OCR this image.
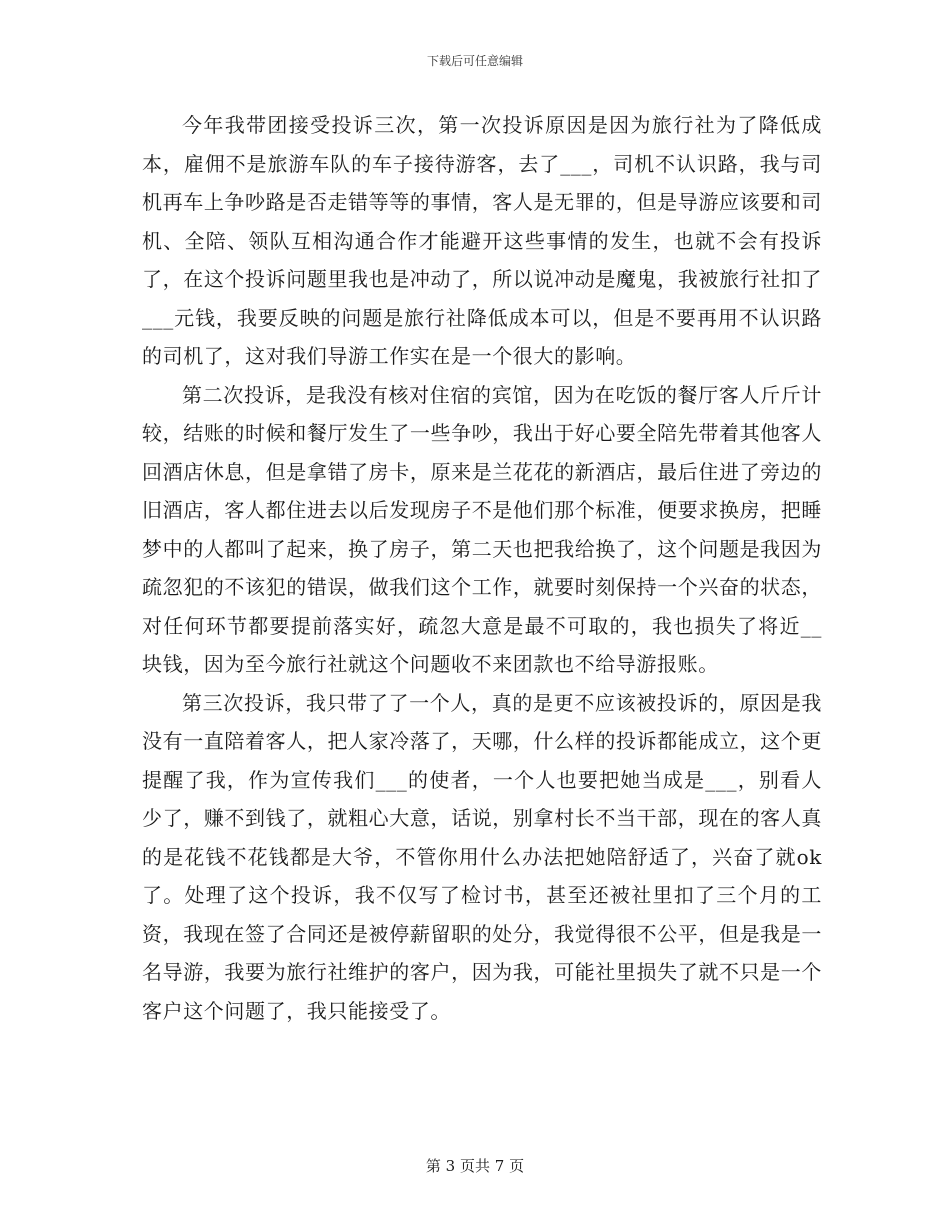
下载后可任意编辑

今年我带团接受投诉三次，第一次投诉原因是因为旅行社为了降低成本，雇佣不是旅游车队的车子接待游客，去了___，司机不认识路，我与司机再车上争吵路是否走错等等的事情，客人是无罪的，但是导游应该要和司机、全陪、领队互相沟通合作才能避开这些事情的发生，也就不会有投诉了，在这个投诉问题里我也是冲动了，所以说冲动是魔鬼，我被旅行社扣了___元钱，我要反映的问题是旅行社降低成本可以，但是不要再用不认识路的司机了，这对我们导游工作实在是一个很大的影响。

第二次投诉，是我没有核对住宿的宾馆，因为在吃饭的餐厅客人斤斤计较，结账的时候和餐厅发生了一些争吵，我出于好心要全陪先带着其他客人回酒店休息，但是拿错了房卡，原来是兰花花的新酒店，最后住进了旁边的旧酒店，客人都住进去以后发现房子不是他们那个标准，便要求换房，把睡梦中的人都叫了起来，换了房子，第二天也把我给换了，这个问题是我因为疏忽犯的不该犯的错误，做我们这个工作，就要时刻保持一个兴奋的状态，对任何环节都要提前落实好，疏忽大意是最不可取的，我也损失了将近__块钱，因为至今旅行社就这个问题收不来团款也不给导游报账。

第三次投诉，我只带了了一个人，真的是更不应该被投诉的，原因是我没有一直陪着客人，把人家冷落了，天哪，什么样的投诉都能成立，这个更提醒了我，作为宣传我们___的使者，一个人也要把她当成是___，别看人少了，赚不到钱了，就粗心大意，话说，别拿村长不当干部，现在的客人真的是花钱不花钱都是大爷，不管你用什么办法把她陪舒适了，兴奋了就ok了。处理了这个投诉，我不仅写了检讨书，甚至还被社里扣了三个月的工资，我现在签了合同还是被停薪留职的处分，我觉得很不公平，但是我是一名导游，我要为旅行社维护的客户，因为我，可能社里损失了就不只是一个客户这个问题了，我只能接受了。

第 3 页共 7 页
